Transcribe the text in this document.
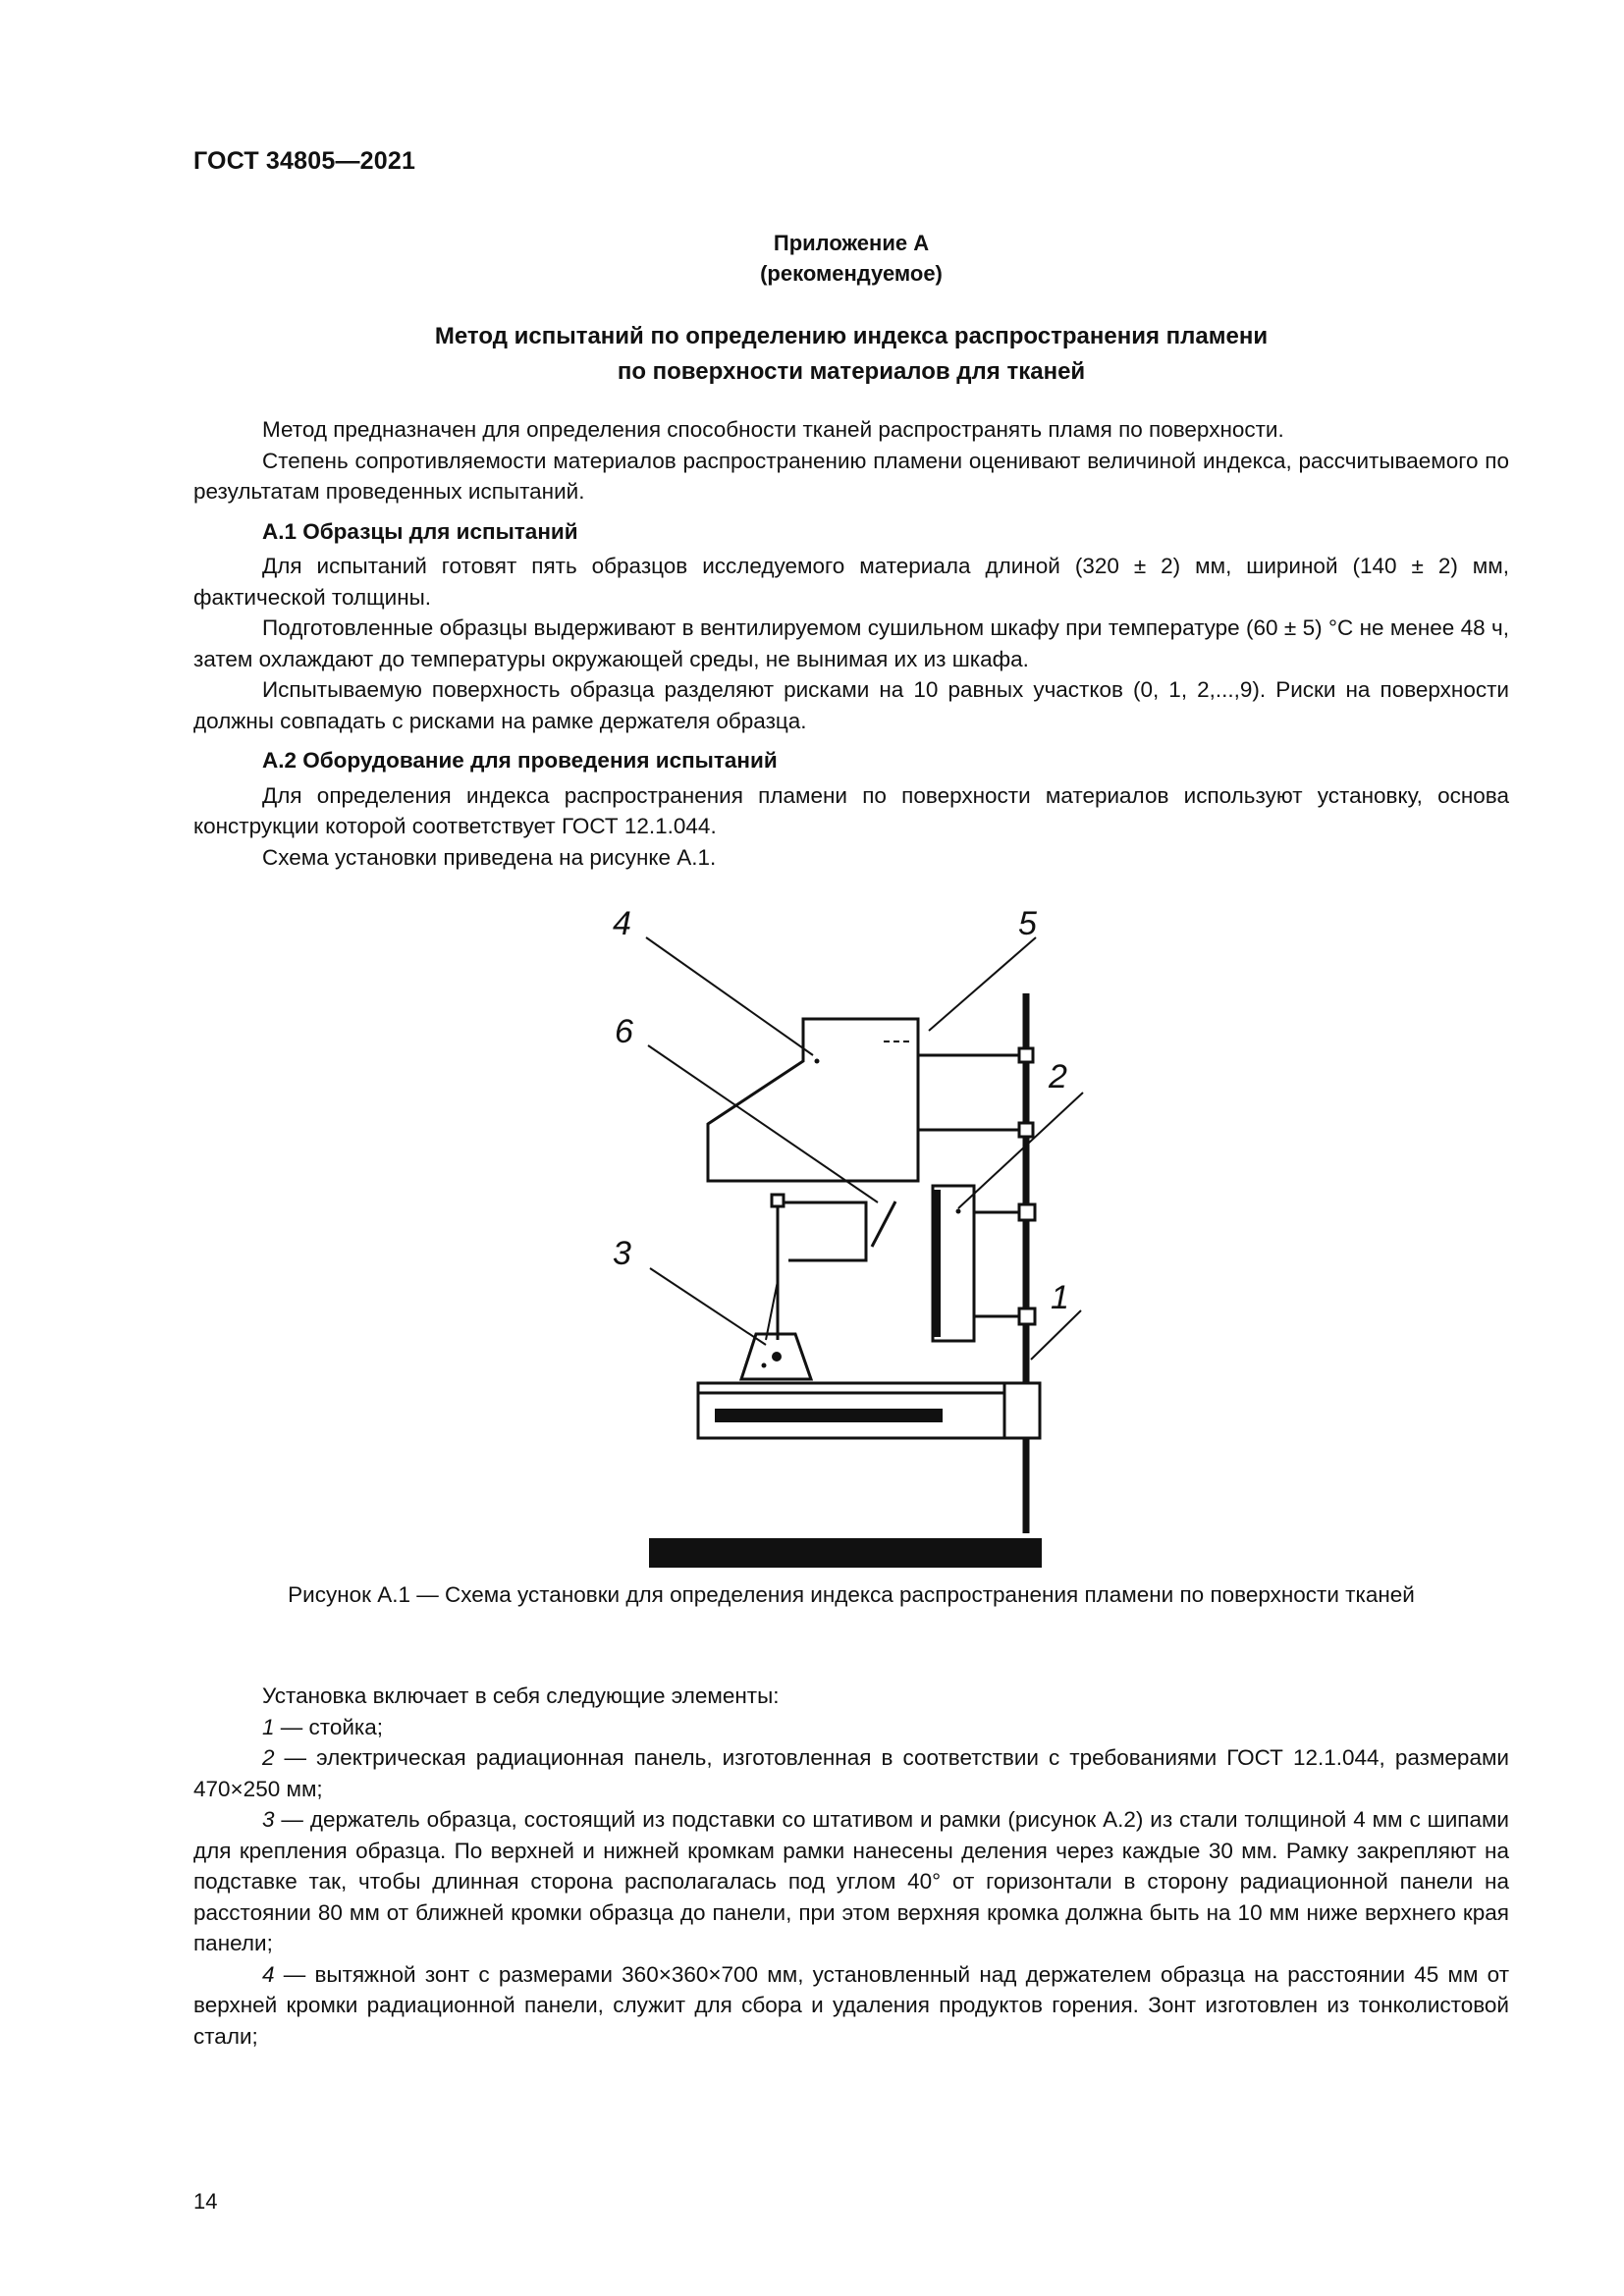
ГОСТ 34805—2021
Приложение А
(рекомендуемое)
Метод испытаний по определению индекса распространения пламени
по поверхности материалов для тканей

Метод предназначен для определения способности тканей распространять пламя по поверхности.

Степень сопротивляемости материалов распространению пламени оценивают величиной индекса, рассчитываемого по результатам проведенных испытаний.

А.1 Образцы для испытаний

Для испытаний готовят пять образцов исследуемого материала длиной (320 ± 2) мм, шириной (140 ± 2) мм, фактической толщины.

Подготовленные образцы выдерживают в вентилируемом сушильном шкафу при температуре (60 ± 5) °С не менее 48 ч, затем охлаждают до температуры окружающей среды, не вынимая их из шкафа.

Испытываемую поверхность образца разделяют рисками на 10 равных участков (0, 1, 2,...,9). Риски на поверхности должны совпадать с рисками на рамке держателя образца.

А.2 Оборудование для проведения испытаний

Для определения индекса распространения пламени по поверхности материалов используют установку, основа конструкции которой соответствует ГОСТ 12.1.044.

Схема установки приведена на рисунке А.1.

4	5
6
2
3
1
Рисунок А.1 — Схема установки для определения индекса распространения пламени по поверхности тканей

Установка включает в себя следующие элементы:

1 — стойка;

2 — электрическая радиационная панель, изготовленная в соответствии с требованиями ГОСТ 12.1.044, размерами 470×250 мм;

3 — держатель образца, состоящий из подставки со штативом и рамки (рисунок А.2) из стали толщиной 4 мм с шипами для крепления образца. По верхней и нижней кромкам рамки нанесены деления через каждые 30 мм. Рамку закрепляют на подставке так, чтобы длинная сторона располагалась под углом 40° от горизонтали в сторону радиационной панели на расстоянии 80 мм от ближней кромки образца до панели, при этом верхняя кромка должна быть на 10 мм ниже верхнего края панели;

4 — вытяжной зонт с размерами 360×360×700 мм, установленный над держателем образца на расстоянии 45 мм от верхней кромки радиационной панели, служит для сбора и удаления продуктов горения. Зонт изготовлен из тонколистовой стали;

14
